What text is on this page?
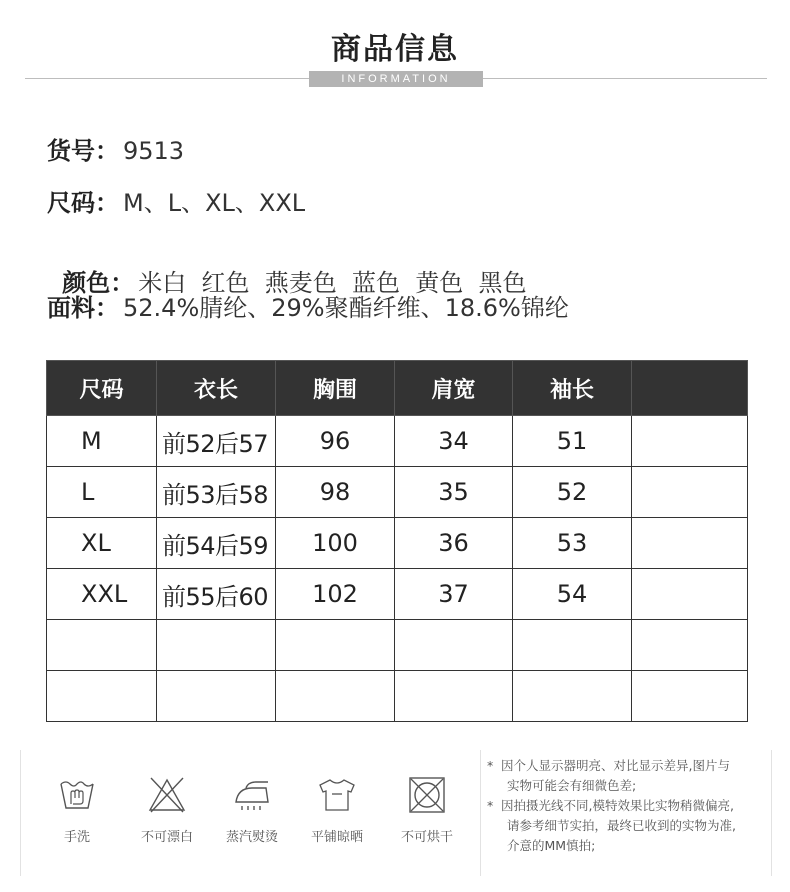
商品信息
INFORMATION
货号： 9513
尺码： M、L、XL、XXL

颜色： 米白  红色  燕麦色  蓝色  黄色  黑色

面料： 52.4%腈纶、29%聚酯纤维、18.6%锦纶
尺码	衣长	胸围	肩宽	袖长	
M	前52后57	96	34	51	
L	前53后58	98	35	52	
XL	前54后59	100	36	53	
XXL	前55后60	102	37	54	

手洗	不可漂白	蒸汽熨烫	平铺晾晒	不可烘干
* 因个人显示器明亮、对比显示差异,图片与
实物可能会有细微色差;
* 因拍摄光线不同,模特效果比实物稍微偏亮,
请参考细节实拍，最终已收到的实物为准,
介意的MM慎拍;
